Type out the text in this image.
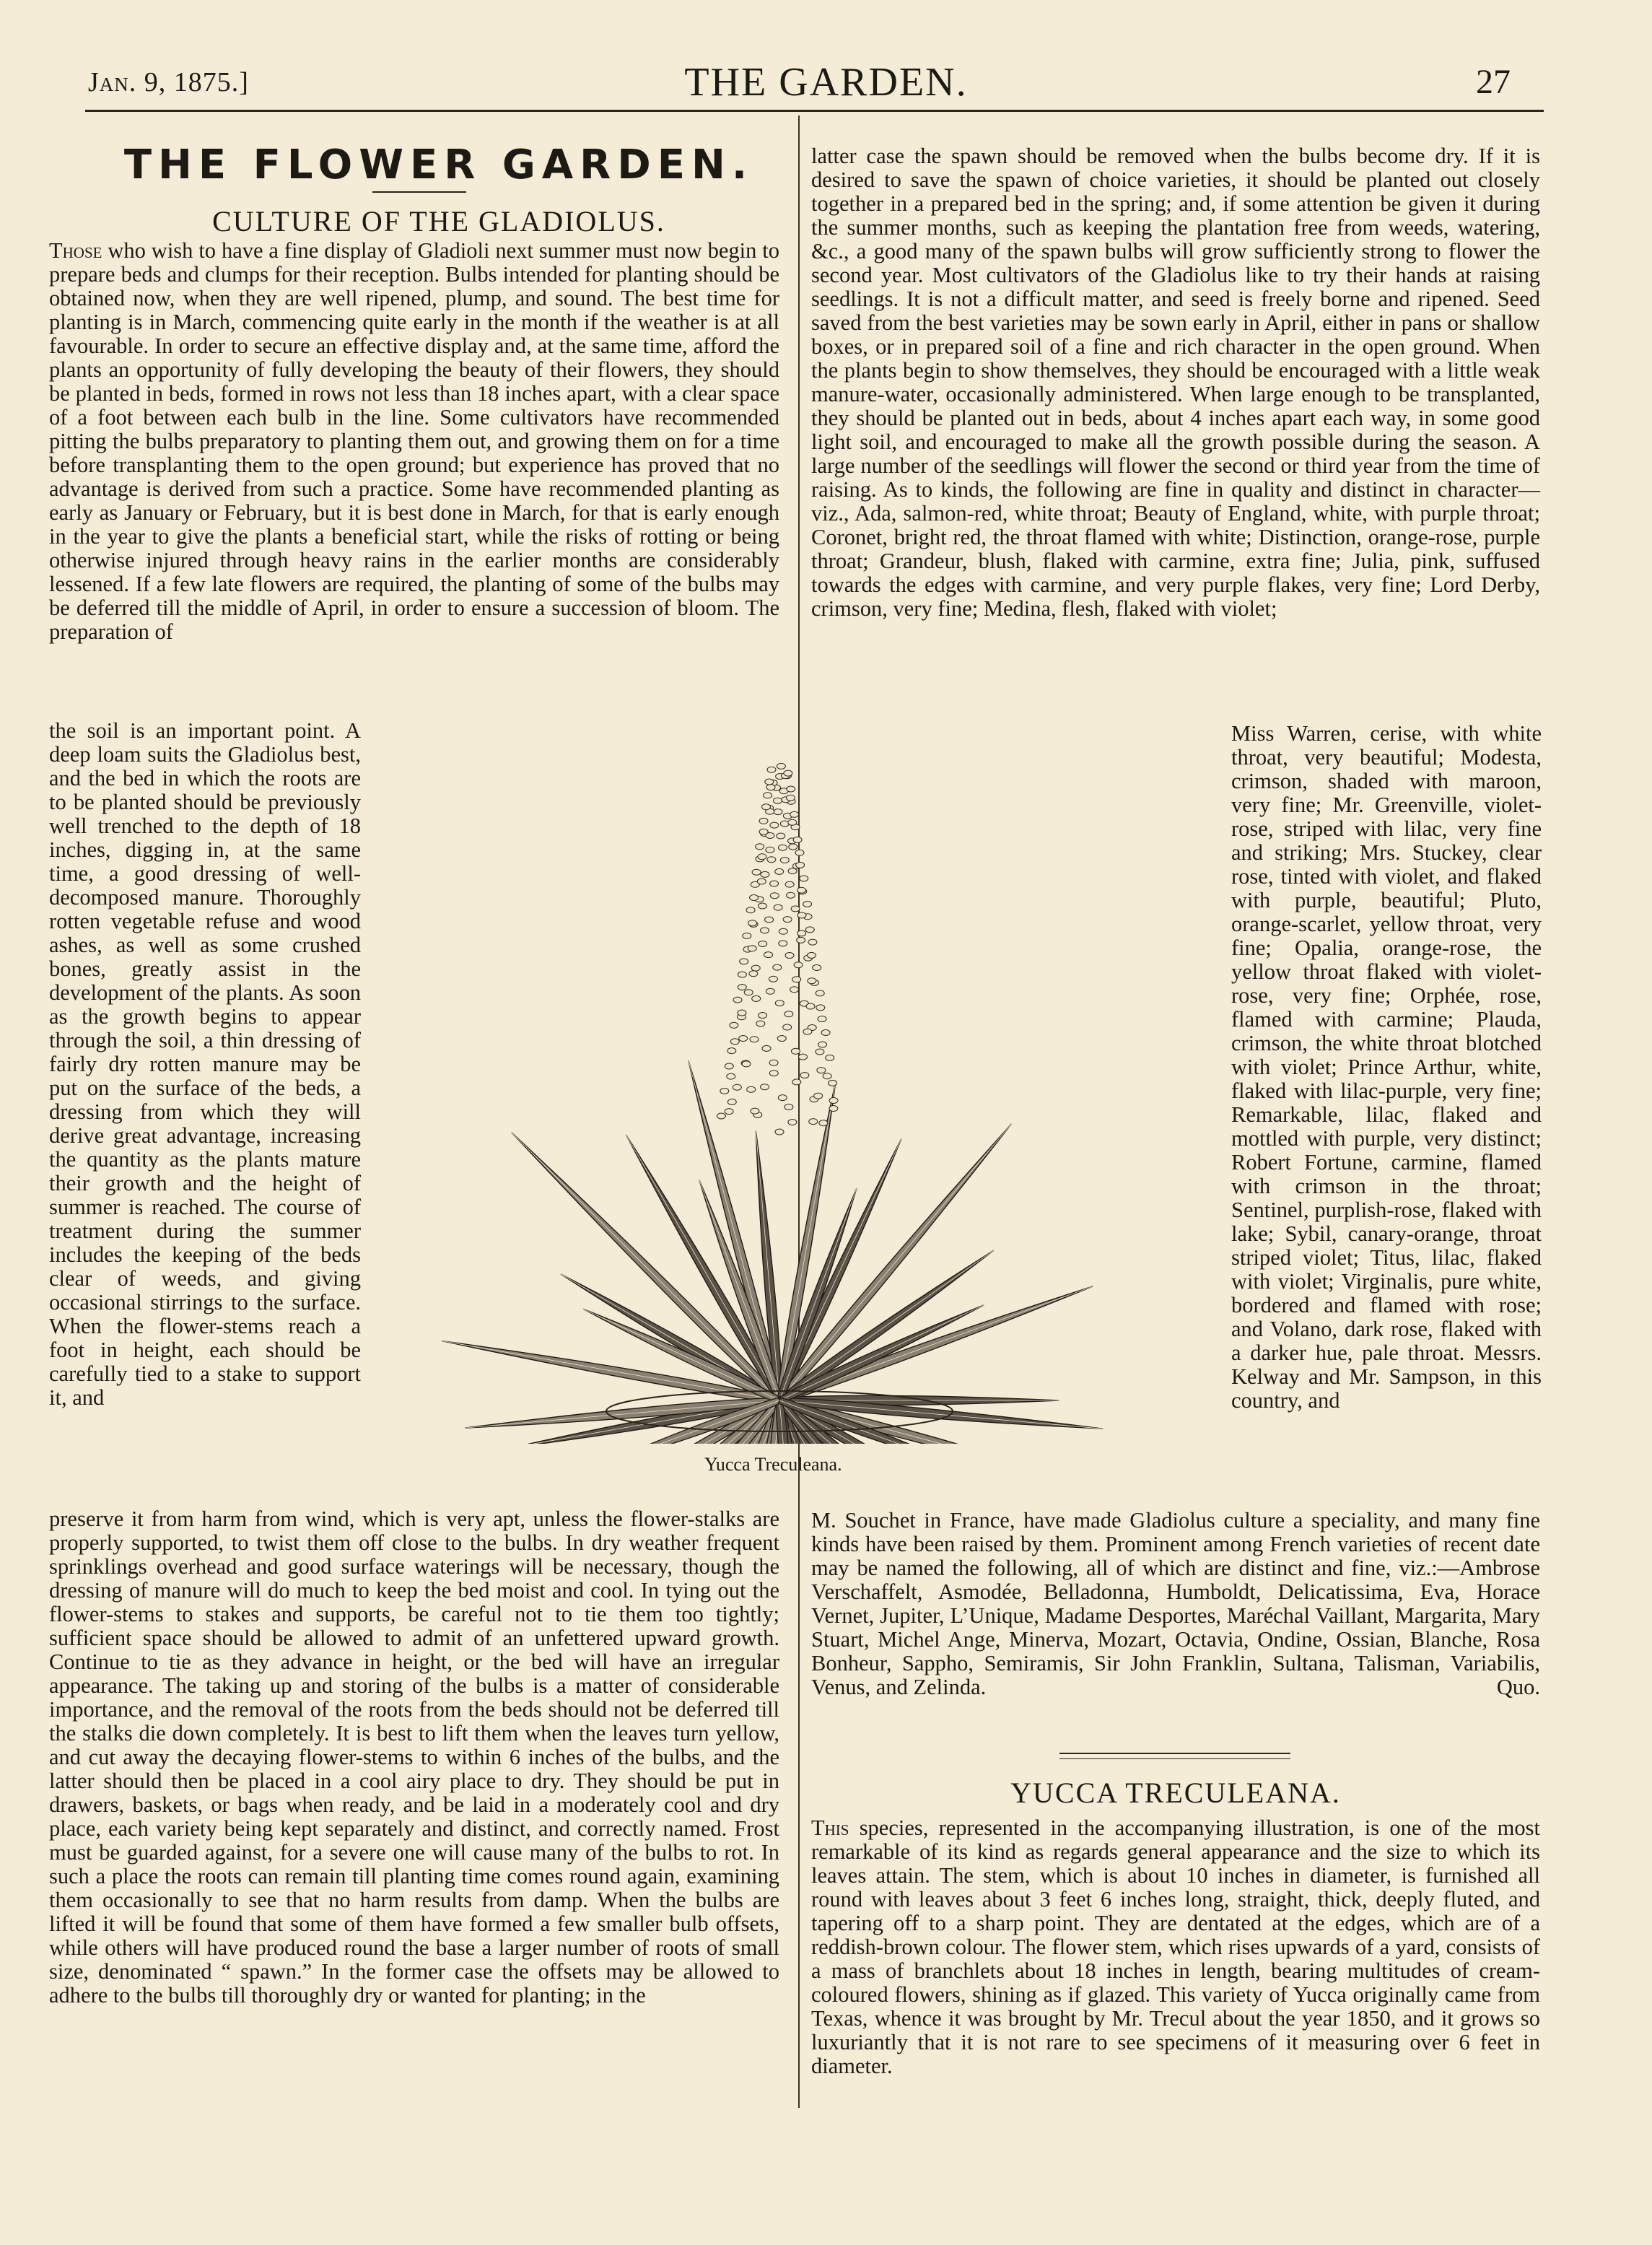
Jan. 9, 1875.]	THE GARDEN.	27
THE FLOWER GARDEN.
CULTURE OF THE GLADIOLUS.

Those who wish to have a fine display of Gladioli next summer must now begin to prepare beds and clumps for their reception. Bulbs intended for planting should be obtained now, when they are well ripened, plump, and sound. The best time for planting is in March, commencing quite early in the month if the weather is at all favourable. In order to secure an effective display and, at the same time, afford the plants an opportunity of fully developing the beauty of their flowers, they should be planted in beds, formed in rows not less than 18 inches apart, with a clear space of a foot between each bulb in the line. Some cultivators have recommended pitting the bulbs preparatory to planting them out, and growing them on for a time before transplanting them to the open ground; but experience has proved that no advantage is derived from such a practice. Some have recommended planting as early as January or February, but it is best done in March, for that is early enough in the year to give the plants a beneficial start, while the risks of rotting or being otherwise injured through heavy rains in the earlier months are considerably lessened. If a few late flowers are required, the planting of some of the bulbs may be deferred till the middle of April, in order to ensure a succession of bloom. The preparation of

the soil is an important point. A deep loam suits the Gladiolus best, and the bed in which the roots are to be planted should be previously well trenched to the depth of 18 inches, digging in, at the same time, a good dressing of well-decomposed manure. Thoroughly rotten vegetable refuse and wood ashes, as well as some crushed bones, greatly assist in the development of the plants. As soon as the growth begins to appear through the soil, a thin dressing of fairly dry rotten manure may be put on the surface of the beds, a dressing from which they will derive great advantage, increasing the quantity as the plants mature their growth and the height of summer is reached. The course of treatment during the summer includes the keeping of the beds clear of weeds, and giving occasional stirrings to the surface. When the flower-stems reach a foot in height, each should be carefully tied to a stake to support it, and

preserve it from harm from wind, which is very apt, unless the flower-stalks are properly supported, to twist them off close to the bulbs. In dry weather frequent sprinklings overhead and good surface waterings will be necessary, though the dressing of manure will do much to keep the bed moist and cool. In tying out the flower-stems to stakes and supports, be careful not to tie them too tightly; sufficient space should be allowed to admit of an unfettered upward growth. Continue to tie as they advance in height, or the bed will have an irregular appearance. The taking up and storing of the bulbs is a matter of considerable importance, and the removal of the roots from the beds should not be deferred till the stalks die down completely. It is best to lift them when the leaves turn yellow, and cut away the decaying flower-stems to within 6 inches of the bulbs, and the latter should then be placed in a cool airy place to dry. They should be put in drawers, baskets, or bags when ready, and be laid in a moderately cool and dry place, each variety being kept separately and distinct, and correctly named. Frost must be guarded against, for a severe one will cause many of the bulbs to rot. In such a place the roots can remain till planting time comes round again, examining them occasionally to see that no harm results from damp. When the bulbs are lifted it will be found that some of them have formed a few smaller bulb offsets, while others will have produced round the base a larger number of roots of small size, denominated “ spawn.” In the former case the offsets may be allowed to adhere to the bulbs till thoroughly dry or wanted for planting; in the

latter case the spawn should be removed when the bulbs become dry. If it is desired to save the spawn of choice varieties, it should be planted out closely together in a prepared bed in the spring; and, if some attention be given it during the summer months, such as keeping the plantation free from weeds, watering, &c., a good many of the spawn bulbs will grow sufficiently strong to flower the second year. Most cultivators of the Gladiolus like to try their hands at raising seedlings. It is not a difficult matter, and seed is freely borne and ripened. Seed saved from the best varieties may be sown early in April, either in pans or shallow boxes, or in prepared soil of a fine and rich character in the open ground. When the plants begin to show themselves, they should be encouraged with a little weak manure-water, occasionally administered. When large enough to be transplanted, they should be planted out in beds, about 4 inches apart each way, in some good light soil, and encouraged to make all the growth possible during the season. A large number of the seedlings will flower the second or third year from the time of raising. As to kinds, the following are fine in quality and distinct in character—viz., Ada, salmon-red, white throat; Beauty of England, white, with purple throat; Coronet, bright red, the throat flamed with white; Distinction, orange-rose, purple throat; Grandeur, blush, flaked with carmine, extra fine; Julia, pink, suffused towards the edges with carmine, and very purple flakes, very fine; Lord Derby, crimson, very fine; Medina, flesh, flaked with violet;

Miss Warren, cerise, with white throat, very beautiful; Modesta, crimson, shaded with maroon, very fine; Mr. Greenville, violet-rose, striped with lilac, very fine and striking; Mrs. Stuckey, clear rose, tinted with violet, and flaked with purple, beautiful; Pluto, orange-scarlet, yellow throat, very fine; Opalia, orange-rose, the yellow throat flaked with violet-rose, very fine; Orphée, rose, flamed with carmine; Plauda, crimson, the white throat blotched with violet; Prince Arthur, white, flaked with lilac-purple, very fine; Remarkable, lilac, flaked and mottled with purple, very distinct; Robert Fortune, carmine, flamed with crimson in the throat; Sentinel, purplish-rose, flaked with lake; Sybil, canary-orange, throat striped violet; Titus, lilac, flaked with violet; Virginalis, pure white, bordered and flamed with rose; and Volano, dark rose, flaked with a darker hue, pale throat. Messrs. Kelway and Mr. Sampson, in this country, and

M. Souchet in France, have made Gladiolus culture a speciality, and many fine kinds have been raised by them. Prominent among French varieties of recent date may be named the following, all of which are distinct and fine, viz.:—Ambrose Verschaffelt, Asmodée, Belladonna, Humboldt, Delicatissima, Eva, Horace Vernet, Jupiter, L’Unique, Madame Desportes, Maréchal Vaillant, Margarita, Mary Stuart, Michel Ange, Minerva, Mozart, Octavia, Ondine, Ossian, Blanche, Rosa Bonheur, Sappho, Semiramis, Sir John Franklin, Sultana, Talisman, Variabilis, Venus, and Zelinda.	Quo.

YUCCA TRECULEANA.

This species, represented in the accompanying illustration, is one of the most remarkable of its kind as regards general appearance and the size to which its leaves attain. The stem, which is about 10 inches in diameter, is furnished all round with leaves about 3 feet 6 inches long, straight, thick, deeply fluted, and tapering off to a sharp point. They are dentated at the edges, which are of a reddish-brown colour. The flower stem, which rises upwards of a yard, consists of a mass of branchlets about 18 inches in length, bearing multitudes of cream-coloured flowers, shining as if glazed. This variety of Yucca originally came from Texas, whence it was brought by Mr. Trecul about the year 1850, and it grows so luxuriantly that it is not rare to see specimens of it measuring over 6 feet in diameter.

Yucca Treculeana.
